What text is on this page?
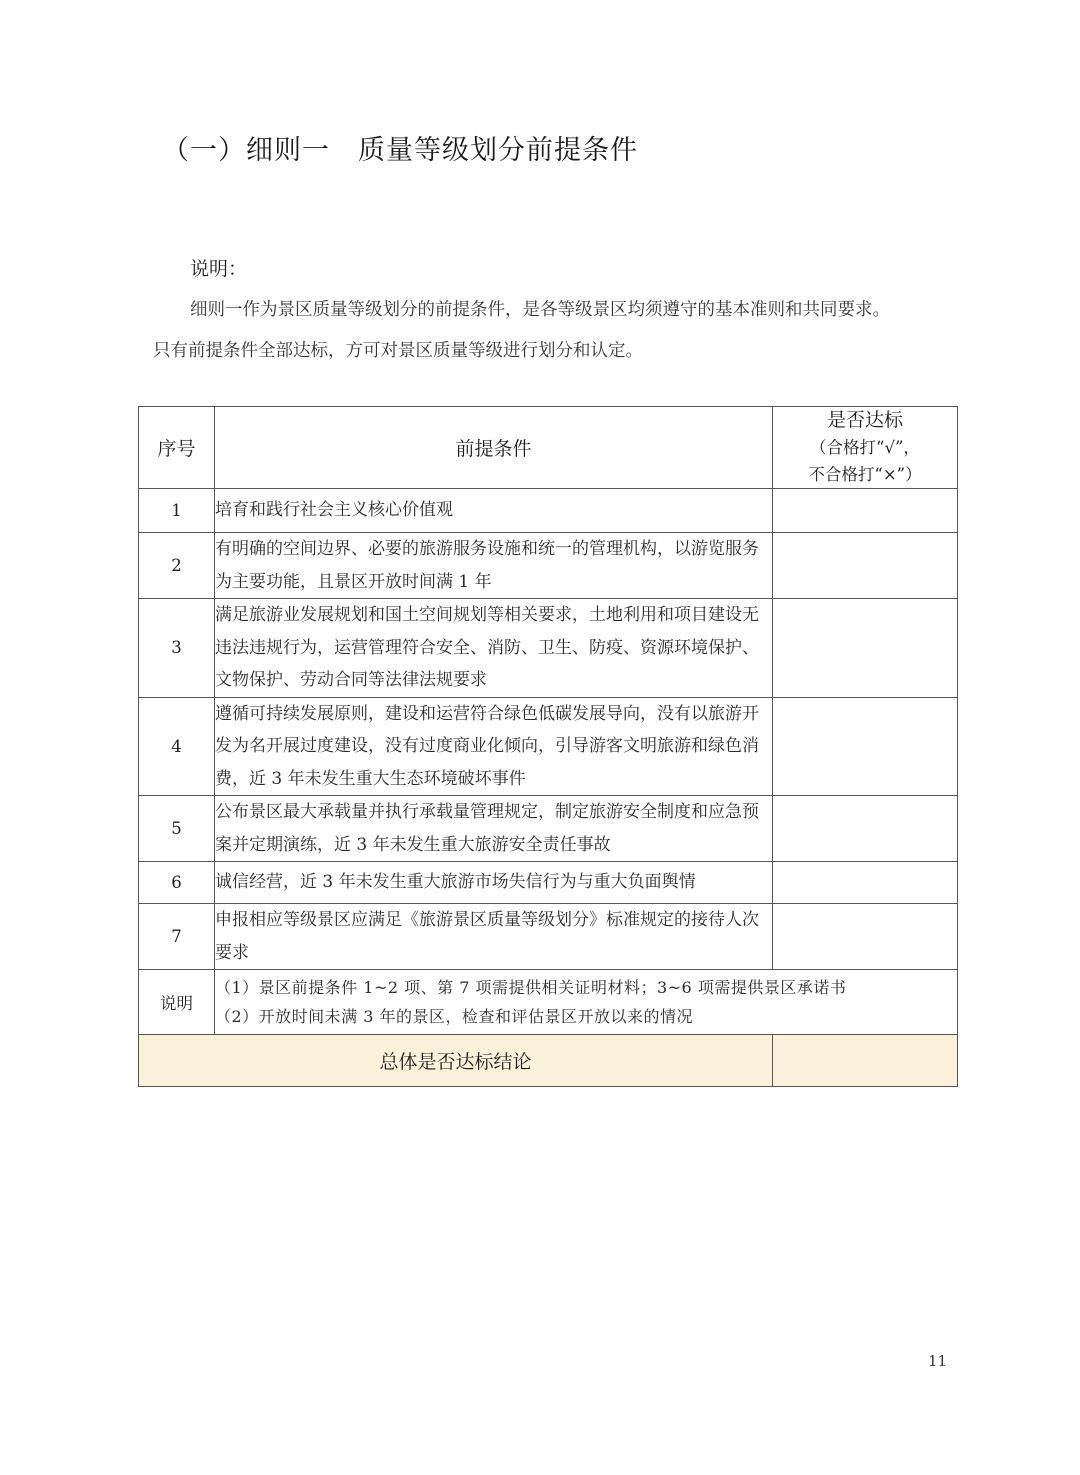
（一）细则一 质量等级划分前提条件
说明：
细则一作为景区质量等级划分的前提条件，是各等级景区均须遵守的基本准则和共同要求。
只有前提条件全部达标，方可对景区质量等级进行划分和认定。
序号	前提条件	是否达标
（合格打“√”，
不合格打“×”）

1	培育和践行社会主义核心价值观	
2	有明确的空间边界、必要的旅游服务设施和统一的管理机构，以游览服务为主要功能，且景区开放时间满 1 年	
3	满足旅游业发展规划和国土空间规划等相关要求，土地利用和项目建设无违法违规行为，运营管理符合安全、消防、卫生、防疫、资源环境保护、文物保护、劳动合同等法律法规要求	
4	遵循可持续发展原则，建设和运营符合绿色低碳发展导向，没有以旅游开发为名开展过度建设，没有过度商业化倾向，引导游客文明旅游和绿色消费，近 3 年未发生重大生态环境破坏事件	
5	公布景区最大承载量并执行承载量管理规定，制定旅游安全制度和应急预案并定期演练，近 3 年未发生重大旅游安全责任事故	
6	诚信经营，近 3 年未发生重大旅游市场失信行为与重大负面舆情	
7	申报相应等级景区应满足《旅游景区质量等级划分》标准规定的接待人次要求	
说明	（1）景区前提条件 1~2 项、第 7 项需提供相关证明材料；3~6 项需提供景区承诺书
（2）开放时间未满 3 年的景区，检查和评估景区开放以来的情况	

总体是否达标结论		
11
